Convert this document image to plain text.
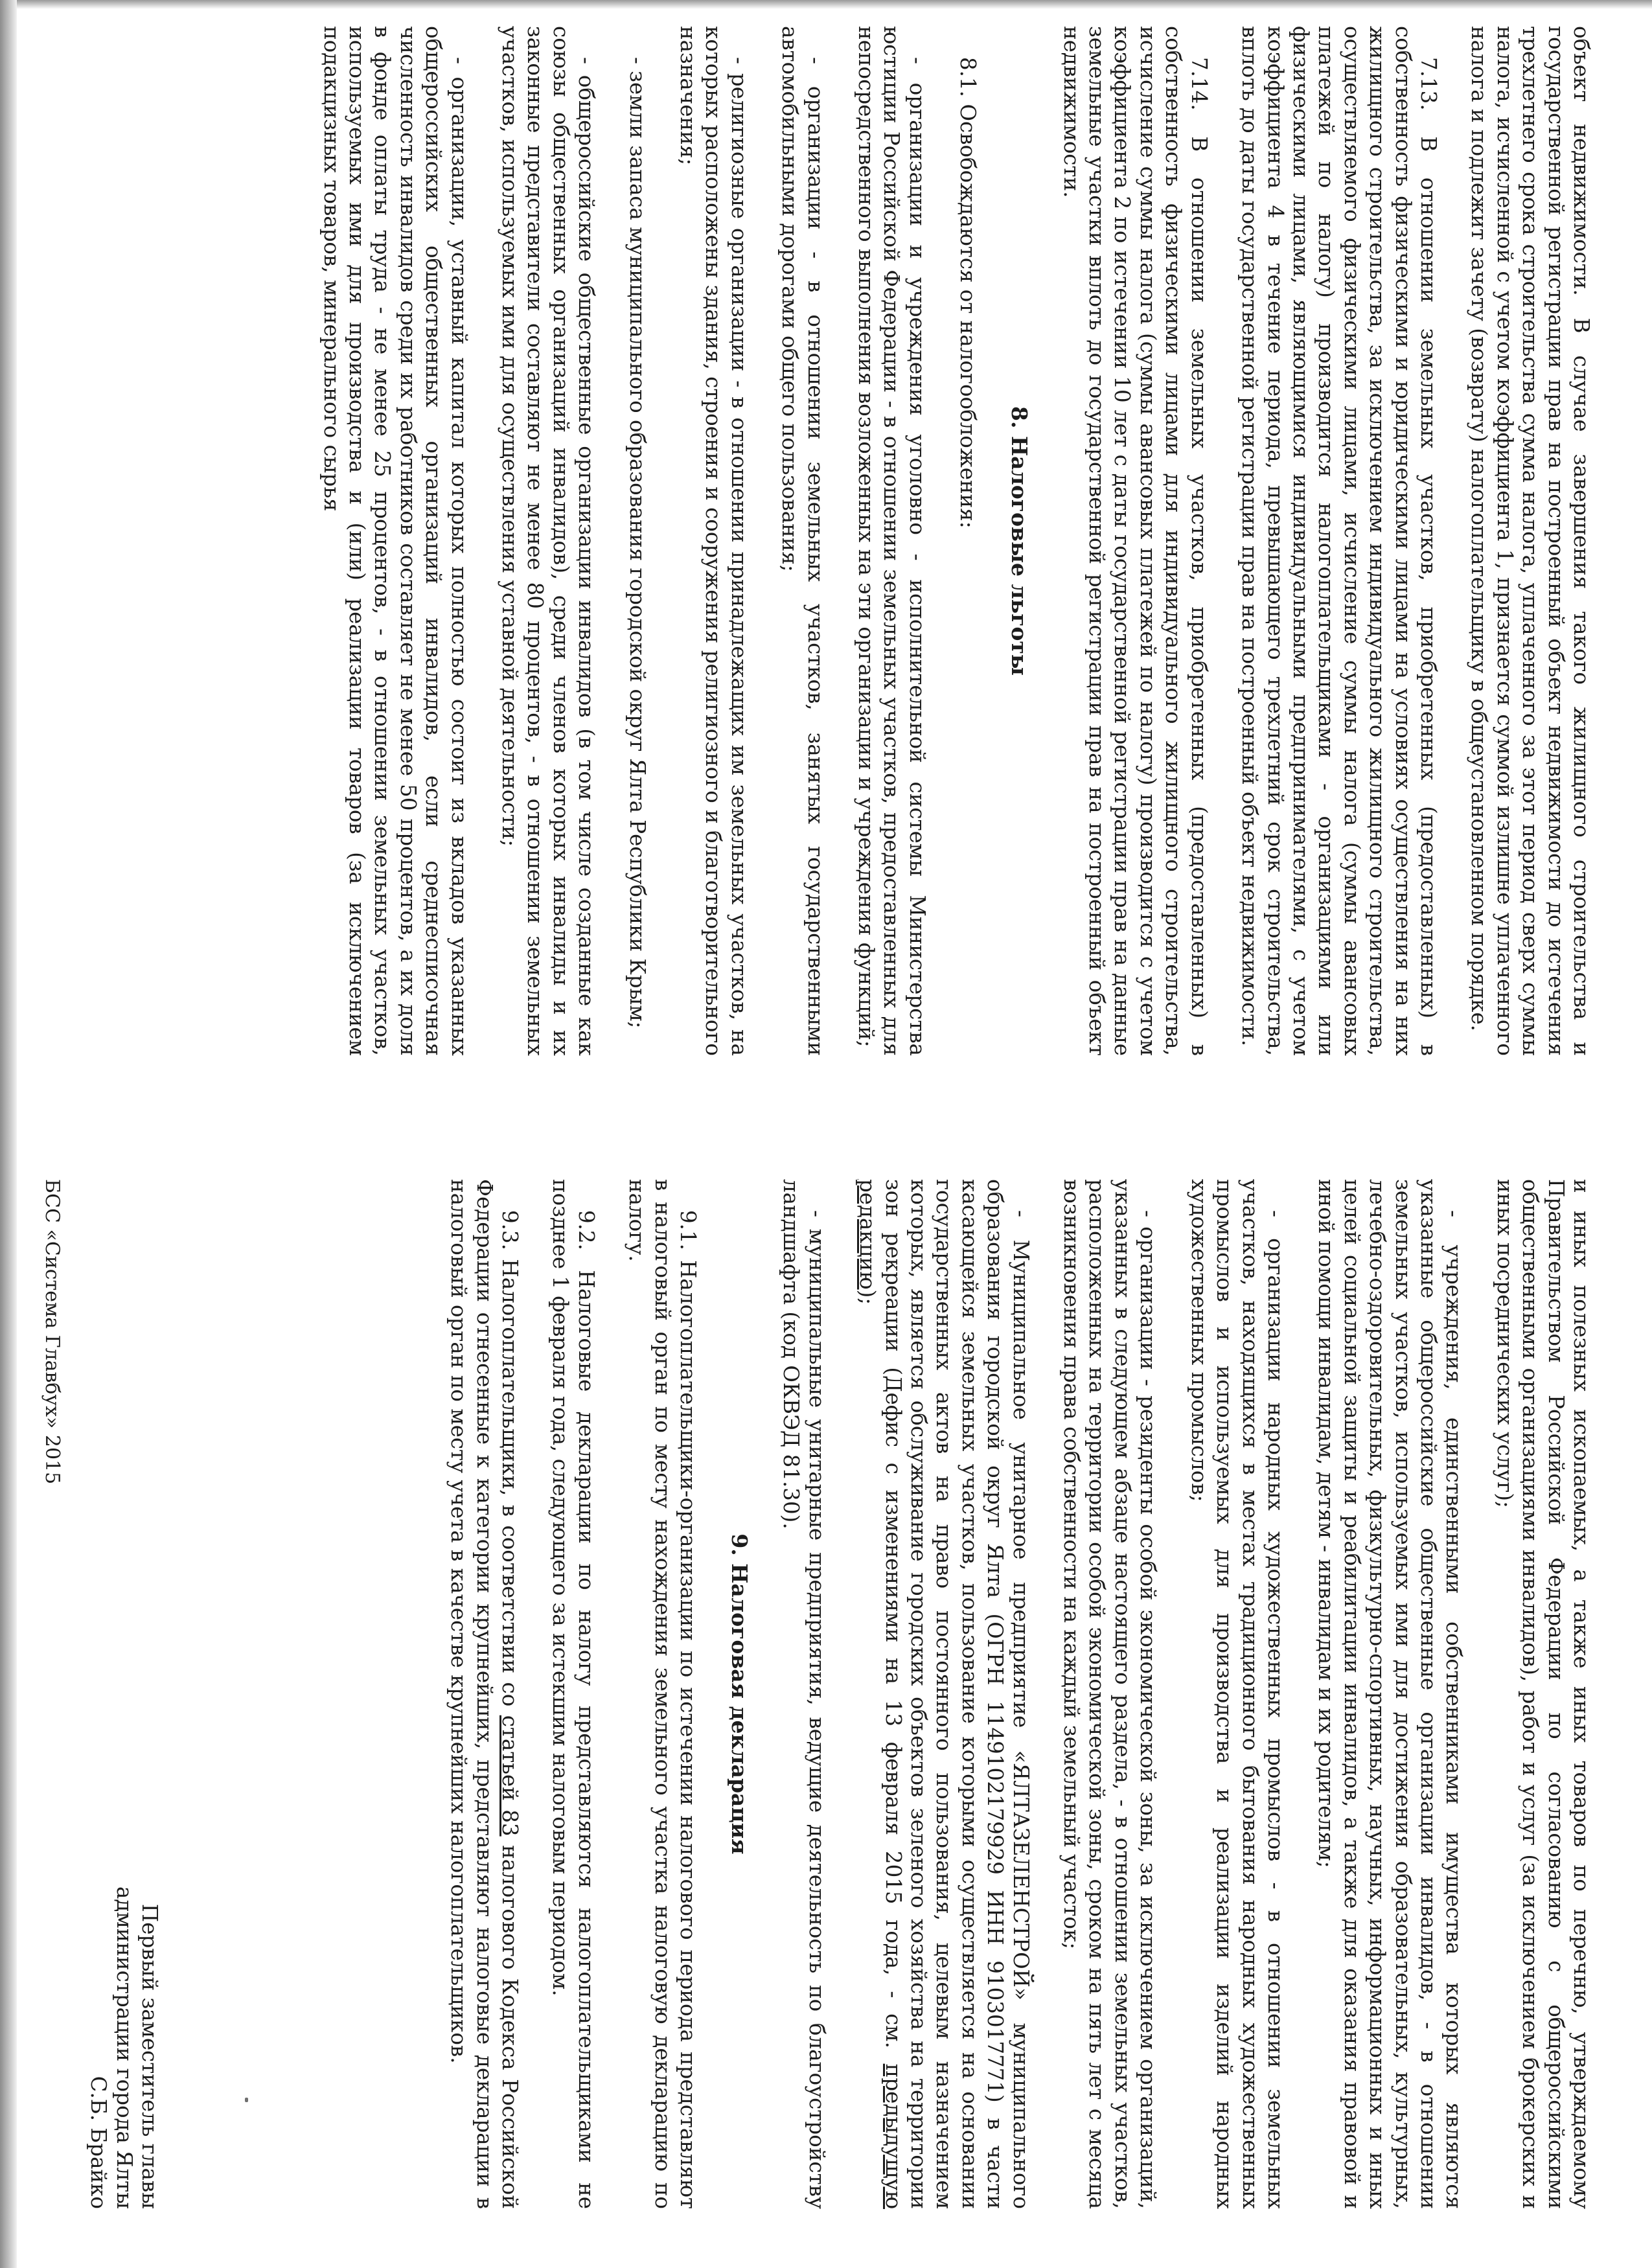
объект недвижимости. В случае завершения такого жилищного строительства и государственной регистрации прав на построенный объект недвижимости до истечения трехлетнего срока строительства сумма налога, уплаченного за этот период сверх суммы налога, исчисленной с учетом коэффициента 1, признается суммой излишне уплаченного налога и подлежит зачету (возврату) налогоплательщику в общеустановленном порядке.

7.13. В отношении земельных участков, приобретенных (предоставленных) в собственность физическими и юридическими лицами на условиях осуществления на них жилищного строительства, за исключением индивидуального жилищного строительства, осуществляемого физическими лицами, исчисление суммы налога (суммы авансовых платежей по налогу) производится налогоплательщиками - организациями или физическими лицами, являющимися индивидуальными предпринимателями, с учетом коэффициента 4 в течение периода, превышающего трехлетний срок строительства, вплоть до даты государственной регистрации прав на построенный объект недвижимости.

7.14. В отношении земельных участков, приобретенных (предоставленных) в собственность физическими лицами для индивидуального жилищного строительства, исчисление суммы налога (суммы авансовых платежей по налогу) производится с учетом коэффициента 2 по истечении 10 лет с даты государственной регистрации прав на данные земельные участки вплоть до государственной регистрации прав на построенный объект недвижимости.

8. Налоговые льготы

8.1. Освобождаются от налогообложения:

- организации и учреждения уголовно - исполнительной системы Министерства юстиции Российской Федерации - в отношении земельных участков, предоставленных для непосредственного выполнения возложенных на эти организации и учреждения функций;

- организации - в отношении земельных участков, занятых государственными автомобильными дорогами общего пользования;

- религиозные организации - в отношении принадлежащих им земельных участков, на которых расположены здания, строения и сооружения религиозного и благотворительного назначения;

- земли запаса муниципального образования городской округ Ялта Республики Крым;

- общероссийские общественные организации инвалидов (в том числе созданные как союзы общественных организаций инвалидов), среди членов которых инвалиды и их законные представители составляют не менее 80 процентов, - в отношении земельных участков, используемых ими для осуществления уставной деятельности;

- организации, уставный капитал которых полностью состоит из вкладов указанных общероссийских общественных организаций инвалидов, если среднесписочная численность инвалидов среди их работников составляет не менее 50 процентов, а их доля в фонде оплаты труда - не менее 25 процентов, - в отношении земельных участков, используемых ими для производства и (или) реализации товаров (за исключением подакцизных товаров, минерального сырья

и иных полезных ископаемых, а также иных товаров по перечню, утверждаемому Правительством Российской Федерации по согласованию с общероссийскими общественными организациями инвалидов), работ и услуг (за исключением брокерских и иных посреднических услуг);

- учреждения, единственными собственниками имущества которых являются указанные общероссийские общественные организации инвалидов, - в отношении земельных участков, используемых ими для достижения образовательных, культурных, лечебно-оздоровительных, физкультурно-спортивных, научных, информационных и иных целей социальной защиты и реабилитации инвалидов, а также для оказания правовой и иной помощи инвалидам, детям - инвалидам и их родителям;

- организации народных художественных промыслов - в отношении земельных участков, находящихся в местах традиционного бытования народных художественных промыслов и используемых для производства и реализации изделий народных художественных промыслов;

- организации - резиденты особой экономической зоны, за исключением организаций, указанных в следующем абзаце настоящего раздела, - в отношении земельных участков, расположенных на территории особой экономической зоны, сроком на пять лет с месяца возникновения права собственности на каждый земельный участок;

- Муниципальное унитарное предприятие «ЯЛТАЗЕЛЕНСТРОЙ» муниципального образования городской округ Ялта (ОГРН 1149102179929 ИНН 9103017771) в части касающейся земельных участков, пользование которыми осуществляется на основании государственных актов на право постоянного пользования, целевым назначением которых, является обслуживание городских объектов зеленого хозяйства на территории зон рекреации (Дефис с изменениями на 13 февраля 2015 года, - см. предыдущую редакцию);

- муниципальные унитарные предприятия, ведущие деятельность по благоустройству ландшафта (код ОКВЭД 81.30).

9. Налоговая декларация

9.1. Налогоплательщики-организации по истечении налогового периода представляют в налоговый орган по месту нахождения земельного участка налоговую декларацию по налогу.

9.2. Налоговые декларации по налогу представляются налогоплательщиками не позднее 1 февраля года, следующего за истекшим налоговым периодом.

9.3. Налогоплательщики, в соответствии со статьей 83 налогового Кодекса Российской Федерации отнесенные к категории крупнейших, представляют налоговые декларации в налоговый орган по месту учета в качестве крупнейших налогоплательщиков.

Первый заместитель главы
администрации города Ялты
С.Б. Брайко
БСС «Система Главбух» 2015
